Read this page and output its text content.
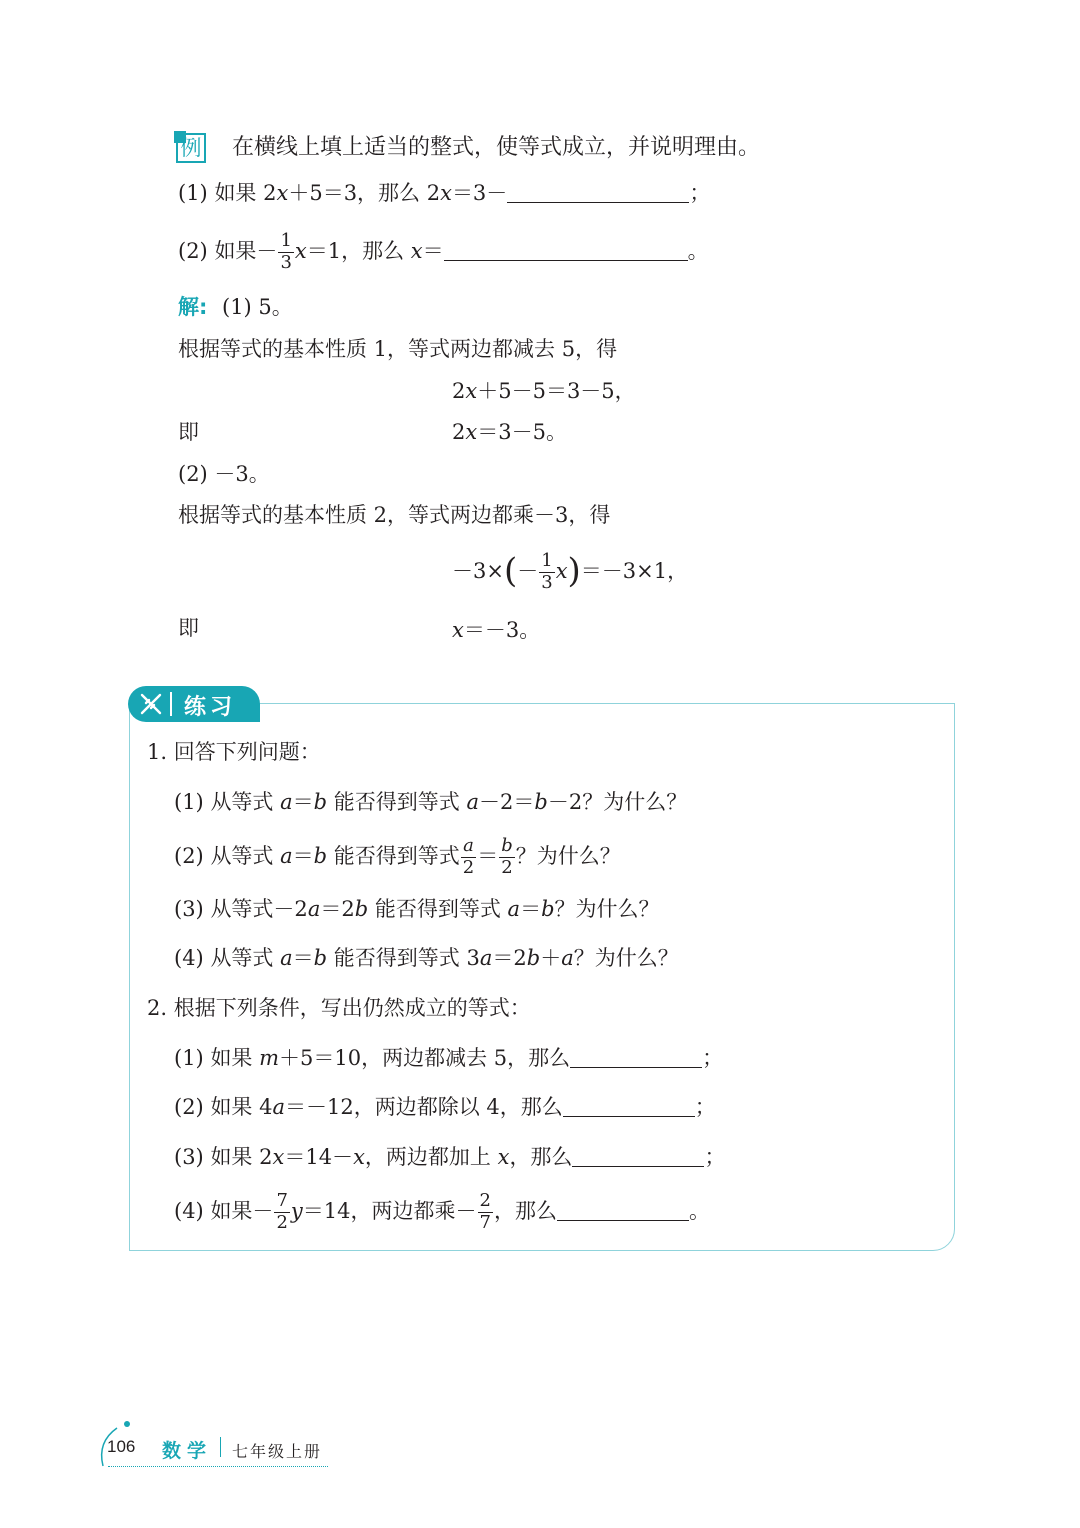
例 在横线上填上适当的整式，使等式成立，并说明理由。
(1) 如果 2x＋5＝3，那么 2x＝3－	；
(2) 如果－ $\frac{1}{3} x=1$，那么 x＝	。
解: (1) 5。
根据等式的基本性质 1，等式两边都减去 5，得
2x＋5－5＝3－5，
即	2x＝3－5。
(2) －3。
根据等式的基本性质 2，等式两边都乘－3，得
$-3\times(- \frac{1}{3} x)=-3\times 1$，
即	x＝－3。
练习
1. 回答下列问题：
(1) 从等式 a＝b 能否得到等式 a－2＝b－2？为什么？
(2) 从等式 a＝b 能否得到等式 $\frac{a}{2} = \frac{b}{2}$ ？为什么？
(3) 从等式－2a＝2b 能否得到等式 a＝b？为什么？
(4) 从等式 a＝b 能否得到等式 3a＝2b＋a？为什么？
2. 根据下列条件，写出仍然成立的等式：
(1) 如果 m＋5＝10，两边都减去 5，那么	；
(2) 如果 4a＝－12，两边都除以 4，那么	；
(3) 如果 2x＝14－x，两边都加上 x，那么	；
(4) 如果－ $\frac{7}{2} y=14$，两边都乘－ $\frac{2}{7}$ ，那么	。
106 数学 七年级上册
